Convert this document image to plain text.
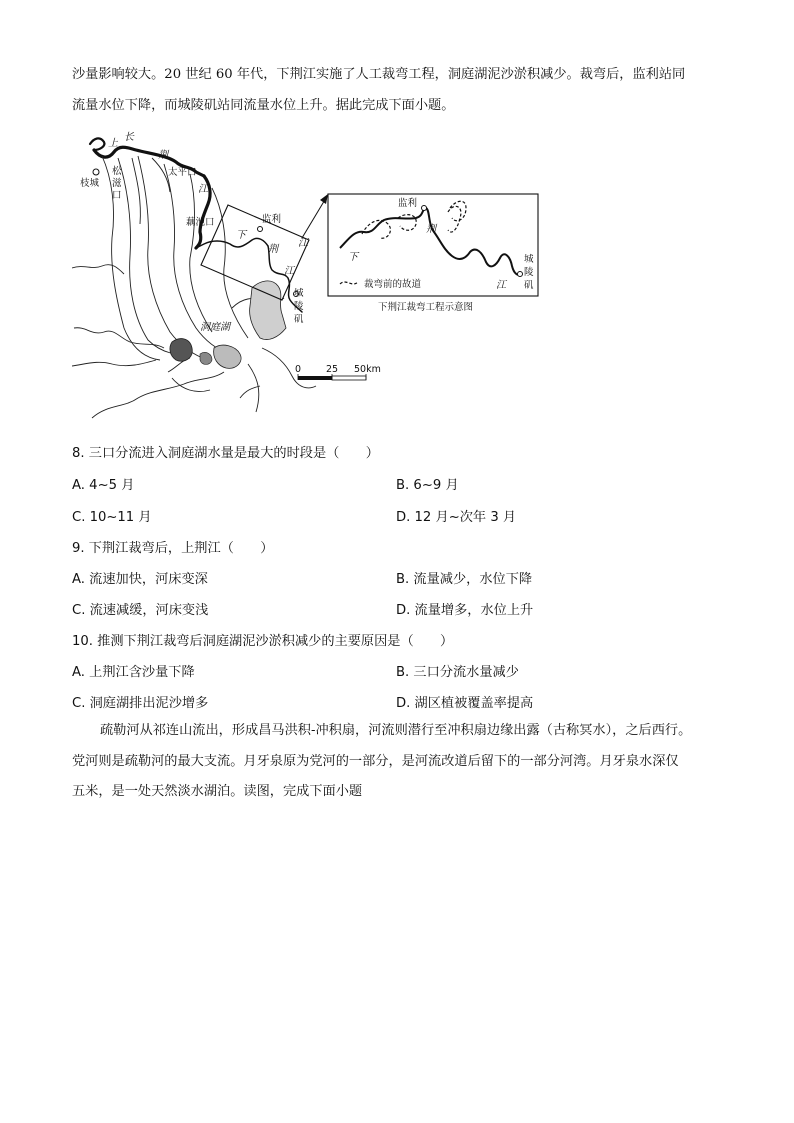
沙量影响较大。20 世纪 60 年代，下荆江实施了人工裁弯工程，洞庭湖泥沙淤积减少。裁弯后，监利站同
流量水位下降，而城陵矶站同流量水位上升。据此完成下面小题。
上
长
荆
江
枝城
松
滋
口
太平口
藕池口	监利
下
荆
江
江
城
陵
矶
洞庭湖
0	25 50km
监利
下
荆
江
城
陵
矶
裁弯前的故道
下荆江裁弯工程示意图
8. 三口分流进入洞庭湖水量是最大的时段是（　　）
A. 4~5 月	B. 6~9 月
C. 10~11 月	D. 12 月~次年 3 月
9. 下荆江裁弯后，上荆江（　　）
A. 流速加快，河床变深	B. 流量减少，水位下降
C. 流速减缓，河床变浅	D. 流量增多，水位上升
10. 推测下荆江裁弯后洞庭湖泥沙淤积减少的主要原因是（　　）
A. 上荆江含沙量下降	B. 三口分流水量减少
C. 洞庭湖排出泥沙增多	D. 湖区植被覆盖率提高
疏勒河从祁连山流出，形成昌马洪积-冲积扇，河流则潜行至冲积扇边缘出露（古称冥水），之后西行。
党河则是疏勒河的最大支流。月牙泉原为党河的一部分，是河流改道后留下的一部分河湾。月牙泉水深仅
五米，是一处天然淡水湖泊。读图，完成下面小题
